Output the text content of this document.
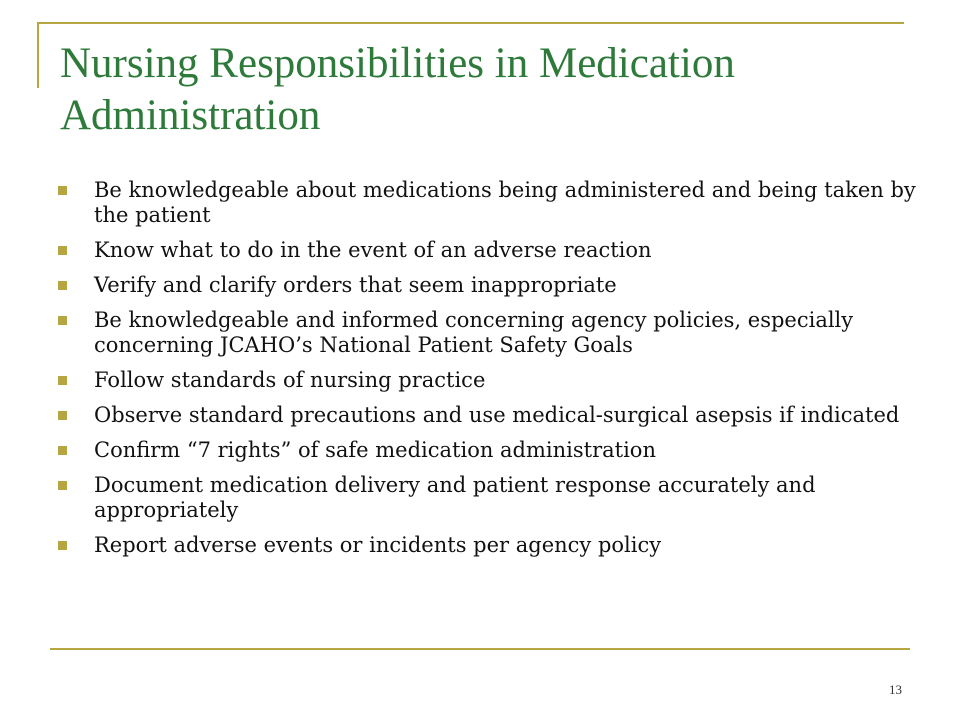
Nursing Responsibilities in Medication Administration
Be knowledgeable about medications being administered and being taken by the patient
Know what to do in the event of an adverse reaction
Verify and clarify orders that seem inappropriate
Be knowledgeable and informed concerning agency policies, especially concerning JCAHO’s National Patient Safety Goals
Follow standards of nursing practice
Observe standard precautions and use medical-surgical asepsis if indicated
Confirm “7 rights” of safe medication administration
Document medication delivery and patient response accurately and appropriately
Report adverse events or incidents per agency policy
13
